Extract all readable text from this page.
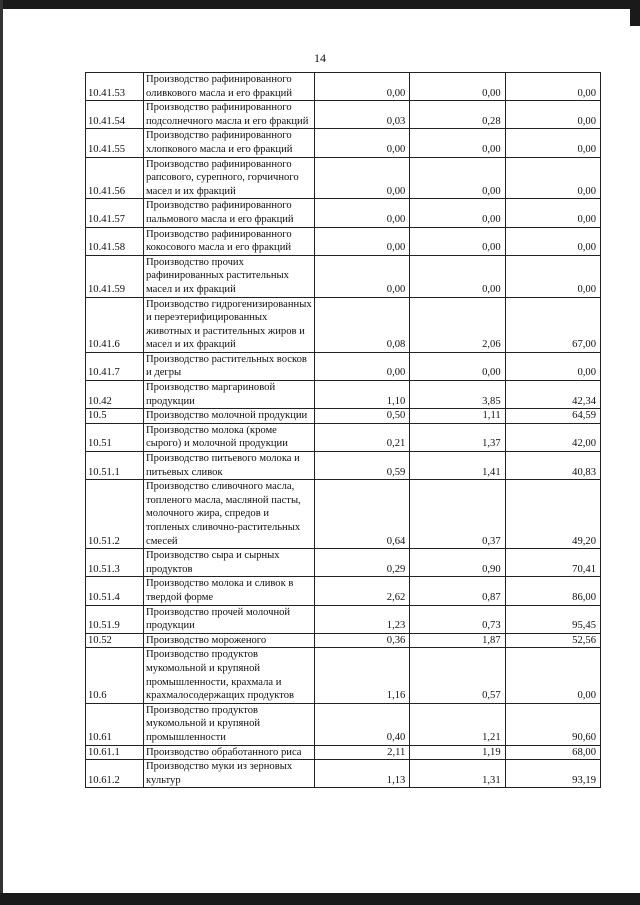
14
10.41.53	Производство рафинированного оливкового масла и его фракций	0,00	0,00	0,00
10.41.54	Производство рафинированного подсолнечного масла и его фракций	0,03	0,28	0,00
10.41.55	Производство рафинированного хлопкового масла и его фракций	0,00	0,00	0,00
10.41.56	Производство рафинированного рапсового, сурепного, горчичного масел и их фракций	0,00	0,00	0,00
10.41.57	Производство рафинированного пальмового масла и его фракций	0,00	0,00	0,00
10.41.58	Производство рафинированного кокосового масла и его фракций	0,00	0,00	0,00
10.41.59	Производство прочих рафинированных растительных масел и их фракций	0,00	0,00	0,00
10.41.6	Производство гидрогенизированных и переэтерифицированных животных и растительных жиров и масел и их фракций	0,08	2,06	67,00
10.41.7	Производство растительных восков и дегры	0,00	0,00	0,00
10.42	Производство маргариновой продукции	1,10	3,85	42,34
10.5	Производство молочной продукции	0,50	1,11	64,59
10.51	Производство молока (кроме сырого) и молочной продукции	0,21	1,37	42,00
10.51.1	Производство питьевого молока и питьевых сливок	0,59	1,41	40,83
10.51.2	Производство сливочного масла, топленого масла, масляной пасты, молочного жира, спредов и топленых сливочно-растительных смесей	0,64	0,37	49,20
10.51.3	Производство сыра и сырных продуктов	0,29	0,90	70,41
10.51.4	Производство молока и сливок в твердой форме	2,62	0,87	86,00
10.51.9	Производство прочей молочной продукции	1,23	0,73	95,45
10.52	Производство мороженого	0,36	1,87	52,56
10.6	Производство продуктов мукомольной и крупяной промышленности, крахмала и крахмалосодержащих продуктов	1,16	0,57	0,00
10.61	Производство продуктов мукомольной и крупяной промышленности	0,40	1,21	90,60
10.61.1	Производство обработанного риса	2,11	1,19	68,00
10.61.2	Производство муки из зерновых культур	1,13	1,31	93,19
